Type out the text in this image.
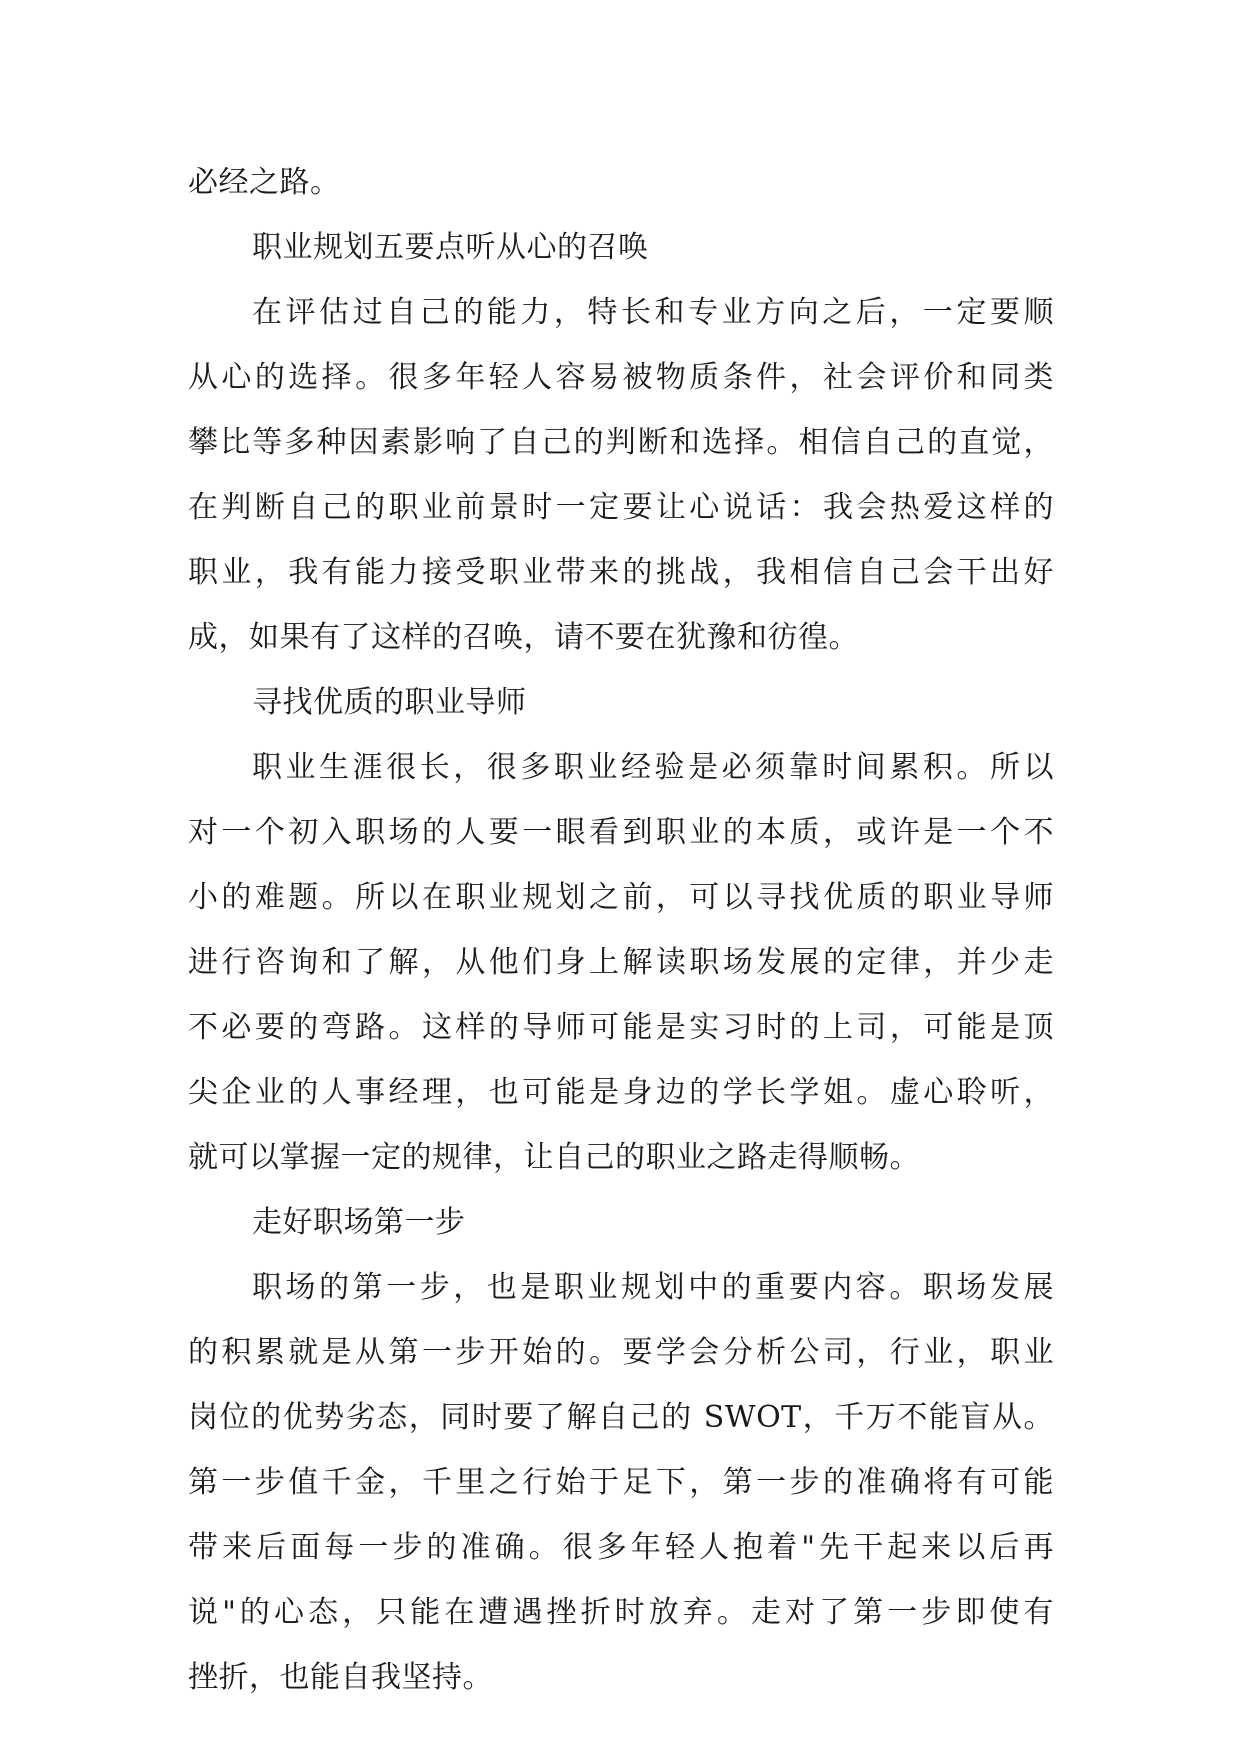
必经之路。
职业规划五要点听从心的召唤
在评估过自己的能力，特长和专业方向之后，一定要顺
从心的选择。很多年轻人容易被物质条件，社会评价和同类
攀比等多种因素影响了自己的判断和选择。相信自己的直觉，
在判断自己的职业前景时一定要让心说话：我会热爱这样的
职业，我有能力接受职业带来的挑战，我相信自己会干出好
成，如果有了这样的召唤，请不要在犹豫和彷徨。
寻找优质的职业导师
职业生涯很长，很多职业经验是必须靠时间累积。所以
对一个初入职场的人要一眼看到职业的本质，或许是一个不
小的难题。所以在职业规划之前，可以寻找优质的职业导师
进行咨询和了解，从他们身上解读职场发展的定律，并少走
不必要的弯路。这样的导师可能是实习时的上司，可能是顶
尖企业的人事经理，也可能是身边的学长学姐。虚心聆听，
就可以掌握一定的规律，让自己的职业之路走得顺畅。
走好职场第一步
职场的第一步，也是职业规划中的重要内容。职场发展
的积累就是从第一步开始的。要学会分析公司，行业，职业
岗位的优势劣态，同时要了解自己的 SWOT，千万不能盲从。
第一步值千金，千里之行始于足下，第一步的准确将有可能
带来后面每一步的准确。很多年轻人抱着"先干起来以后再
说"的心态，只能在遭遇挫折时放弃。走对了第一步即使有
挫折，也能自我坚持。
